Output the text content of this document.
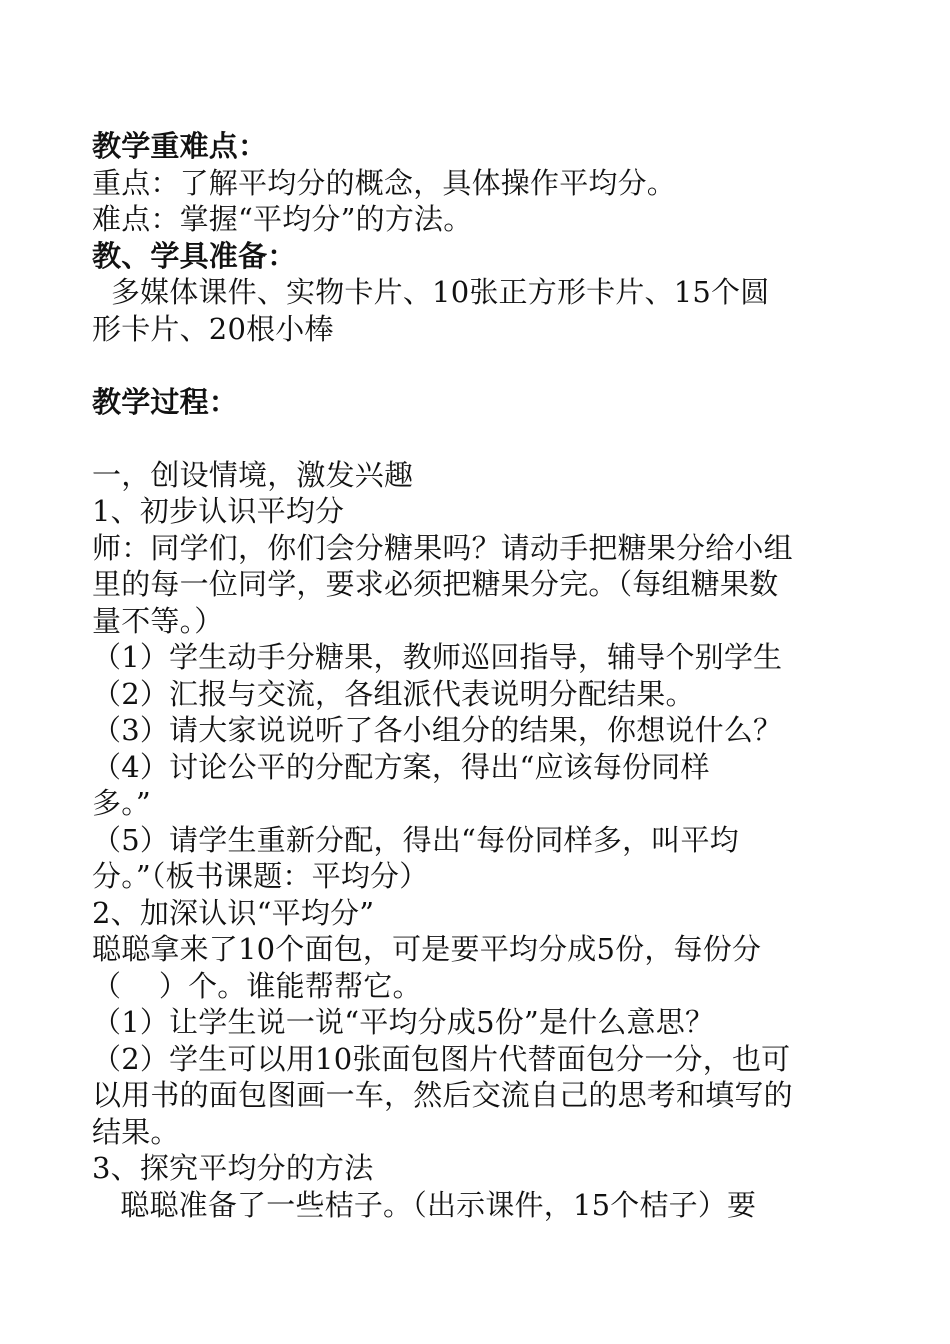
教学重难点：

重点：了解平均分的概念，具体操作平均分。

难点：掌握“平均分”的方法。

教、学具准备：

多媒体课件、实物卡片、10张正方形卡片、15个圆

形卡片、20根小棒

教学过程：

一，创设情境，激发兴趣

1、初步认识平均分

师：同学们，你们会分糖果吗？请动手把糖果分给小组

里的每一位同学，要求必须把糖果分完。（每组糖果数

量不等。）

（1）学生动手分糖果，教师巡回指导，辅导个别学生

（2）汇报与交流，各组派代表说明分配结果。

（3）请大家说说听了各小组分的结果，你想说什么？

（4）讨论公平的分配方案，得出“应该每份同样

多。”

（5）请学生重新分配，得出“每份同样多，叫平均

分。”（板书课题：平均分）

2、加深认识“平均分”

聪聪拿来了10个面包，可是要平均分成5份，每份分

（    ）个。谁能帮帮它。

（1）让学生说一说“平均分成5份”是什么意思？

（2）学生可以用10张面包图片代替面包分一分，也可

以用书的面包图画一车，然后交流自己的思考和填写的

结果。

3、探究平均分的方法

聪聪准备了一些桔子。（出示课件，15个桔子）要
